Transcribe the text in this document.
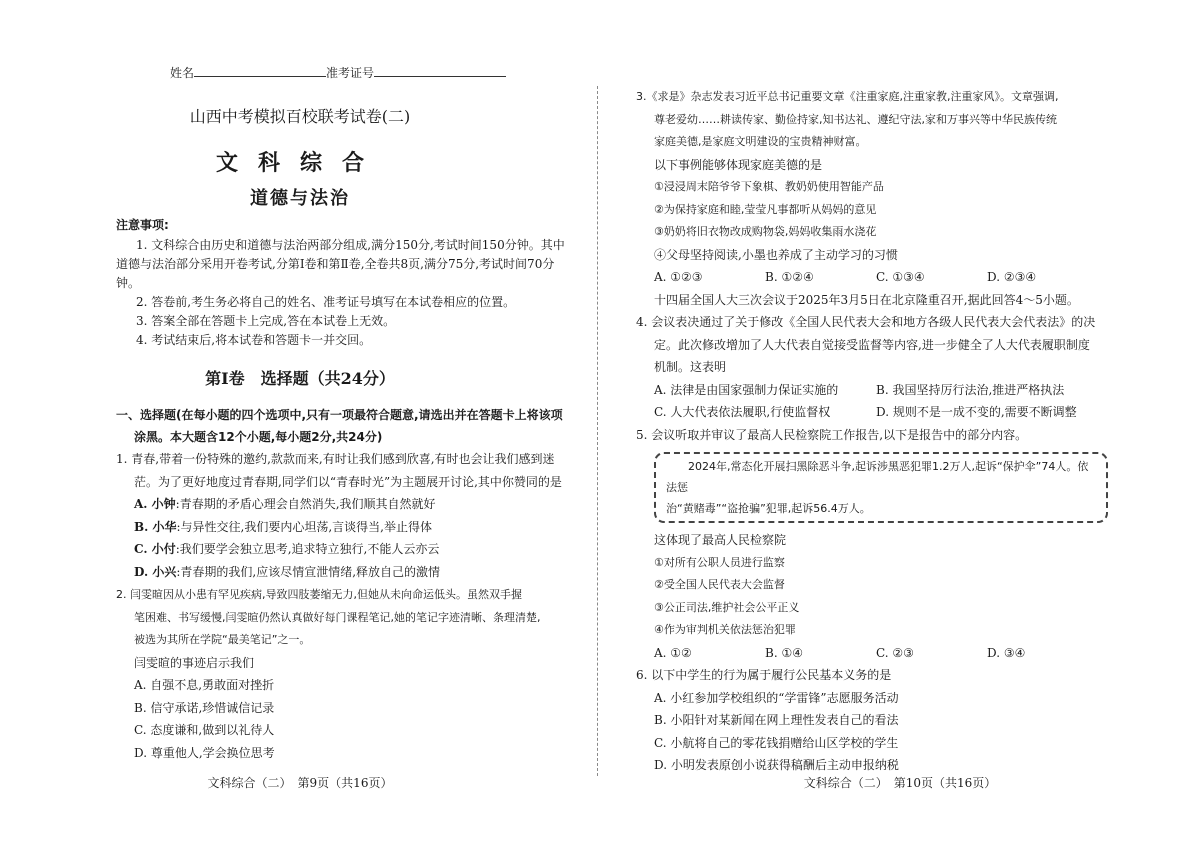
姓名	准考证号
山西中考模拟百校联考试卷(二)
文科综合
道德与法治
注意事项:

1. 文科综合由历史和道德与法治两部分组成,满分150分,考试时间150分钟。其中道德与法治部分采用开卷考试,分第Ⅰ卷和第Ⅱ卷,全卷共8页,满分75分,考试时间70分钟。

2. 答卷前,考生务必将自己的姓名、准考证号填写在本试卷相应的位置。

3. 答案全部在答题卡上完成,答在本试卷上无效。

4. 考试结束后,将本试卷和答题卡一并交回。

第Ⅰ卷　选择题（共24分）
一、选择题(在每小题的四个选项中,只有一项最符合题意,请选出并在答题卡上将该项
涂黑。本大题含12个小题,每小题2分,共24分)

1. 青春,带着一份特殊的邀约,款款而来,有时让我们感到欣喜,有时也会让我们感到迷

茫。为了更好地度过青春期,同学们以“青春时光”为主题展开讨论,其中你赞同的是

A. 小钟:青春期的矛盾心理会自然消失,我们顺其自然就好

B. 小华:与异性交往,我们要内心坦荡,言谈得当,举止得体

C. 小付:我们要学会独立思考,追求特立独行,不能人云亦云

D. 小兴:青春期的我们,应该尽情宣泄情绪,释放自己的激情

2. 闫雯暄因从小患有罕见疾病,导致四肢萎缩无力,但她从未向命运低头。虽然双手握

笔困难、书写缓慢,闫雯暄仍然认真做好每门课程笔记,她的笔记字迹清晰、条理清楚,

被选为其所在学院“最美笔记”之一。

闫雯暄的事迹启示我们

A. 自强不息,勇敢面对挫折

B. 信守承诺,珍惜诚信记录

C. 态度谦和,做到以礼待人

D. 尊重他人,学会换位思考

文科综合（二）　第9页（共16页）

3.《求是》杂志发表习近平总书记重要文章《注重家庭,注重家教,注重家风》。文章强调,

尊老爱幼……耕读传家、勤俭持家,知书达礼、遵纪守法,家和万事兴等中华民族传统

家庭美德,是家庭文明建设的宝贵精神财富。

以下事例能够体现家庭美德的是

①浸浸周末陪爷爷下象棋、教奶奶使用智能产品

②为保持家庭和睦,莹莹凡事都听从妈妈的意见

③奶奶将旧衣物改成购物袋,妈妈收集雨水浇花

④父母坚持阅读,小墨也养成了主动学习的习惯

A. ①②③	B. ①②④	C. ①③④	D. ②③④

十四届全国人大三次会议于2025年3月5日在北京隆重召开,据此回答4～5小题。

4. 会议表决通过了关于修改《全国人民代表大会和地方各级人民代表大会代表法》的决

定。此次修改增加了人大代表自觉接受监督等内容,进一步健全了人大代表履职制度

机制。这表明

A. 法律是由国家强制力保证实施的	B. 我国坚持厉行法治,推进严格执法
C. 人大代表依法履职,行使监督权	D. 规则不是一成不变的,需要不断调整

5. 会议听取并审议了最高人民检察院工作报告,以下是报告中的部分内容。

2024年,常态化开展扫黑除恶斗争,起诉涉黑恶犯罪1.2万人,起诉“保护伞”74人。依法惩
治“黄赌毒”“盗抢骗”犯罪,起诉56.4万人。

这体现了最高人民检察院

①对所有公职人员进行监察

②受全国人民代表大会监督

③公正司法,维护社会公平正义

④作为审判机关依法惩治犯罪

A. ①②	B. ①④	C. ②③	D. ③④

6. 以下中学生的行为属于履行公民基本义务的是

A. 小红参加学校组织的“学雷锋”志愿服务活动

B. 小阳针对某新闻在网上理性发表自己的看法

C. 小航将自己的零花钱捐赠给山区学校的学生

D. 小明发表原创小说获得稿酬后主动申报纳税

文科综合（二）　第10页（共16页）
